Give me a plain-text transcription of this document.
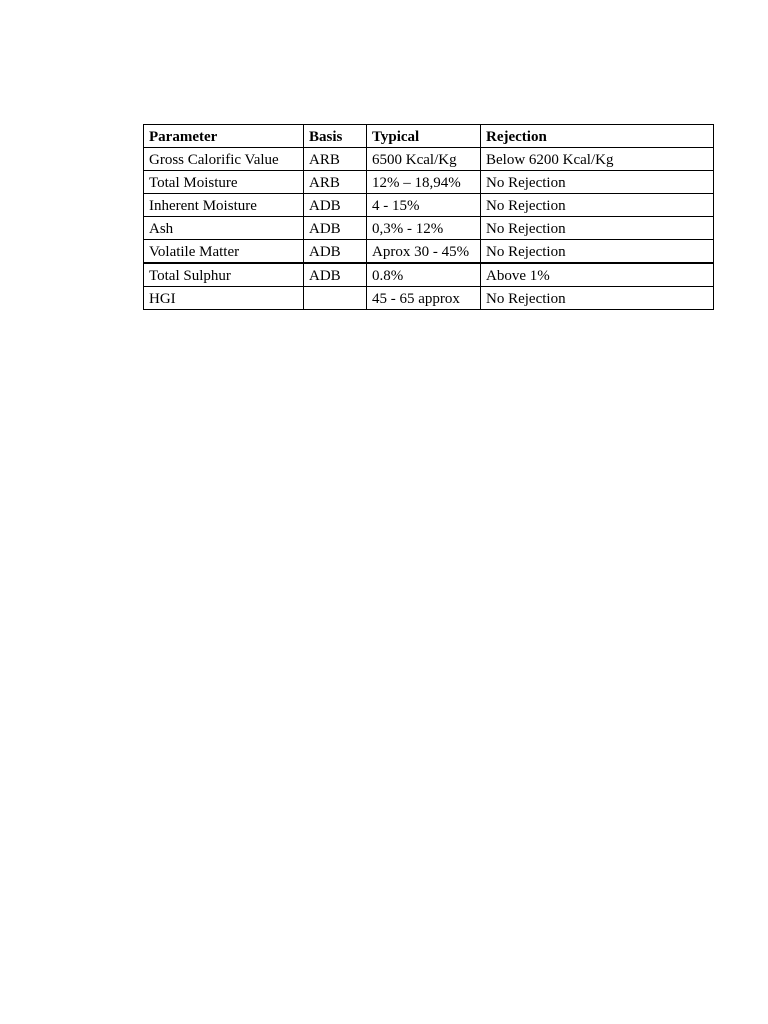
Parameter	Basis	Typical	Rejection
Gross Calorific Value	ARB	6500 Kcal/Kg	Below 6200 Kcal/Kg
Total Moisture	ARB	12% – 18,94%	No Rejection
Inherent Moisture	ADB	4 - 15%	No Rejection
Ash	ADB	0,3% - 12%	No Rejection
Volatile Matter	ADB	Aprox 30 - 45%	No Rejection
Total Sulphur	ADB	0.8%	Above 1%
HGI		45 - 65 approx	No Rejection
